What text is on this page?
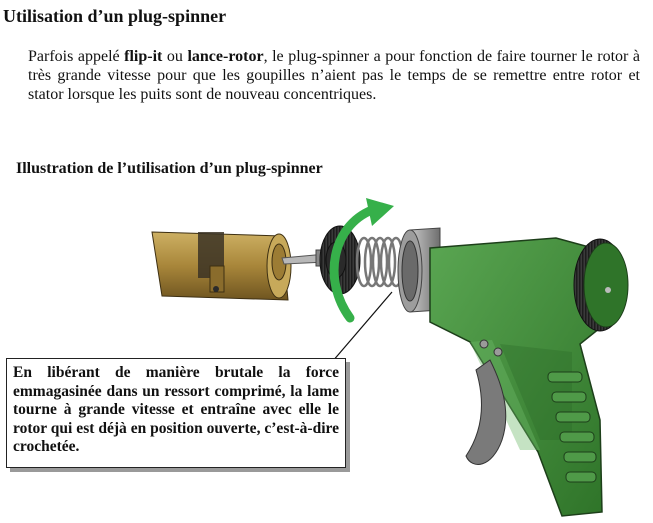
Utilisation d’un plug-spinner

Parfois appelé flip-it ou lance-rotor, le plug-spinner a pour fonction de faire tourner le rotor à très grande vitesse pour que les goupilles n’aient pas le temps de se remettre entre rotor et stator lorsque les puits sont de nouveau concentriques.

Illustration de l’utilisation d’un plug-spinner
En libérant de manière brutale la force emmagasinée dans un ressort comprimé, la lame tourne à grande vitesse et entraîne avec elle le rotor qui est déjà en position ouverte, c’est-à-dire crochetée.
